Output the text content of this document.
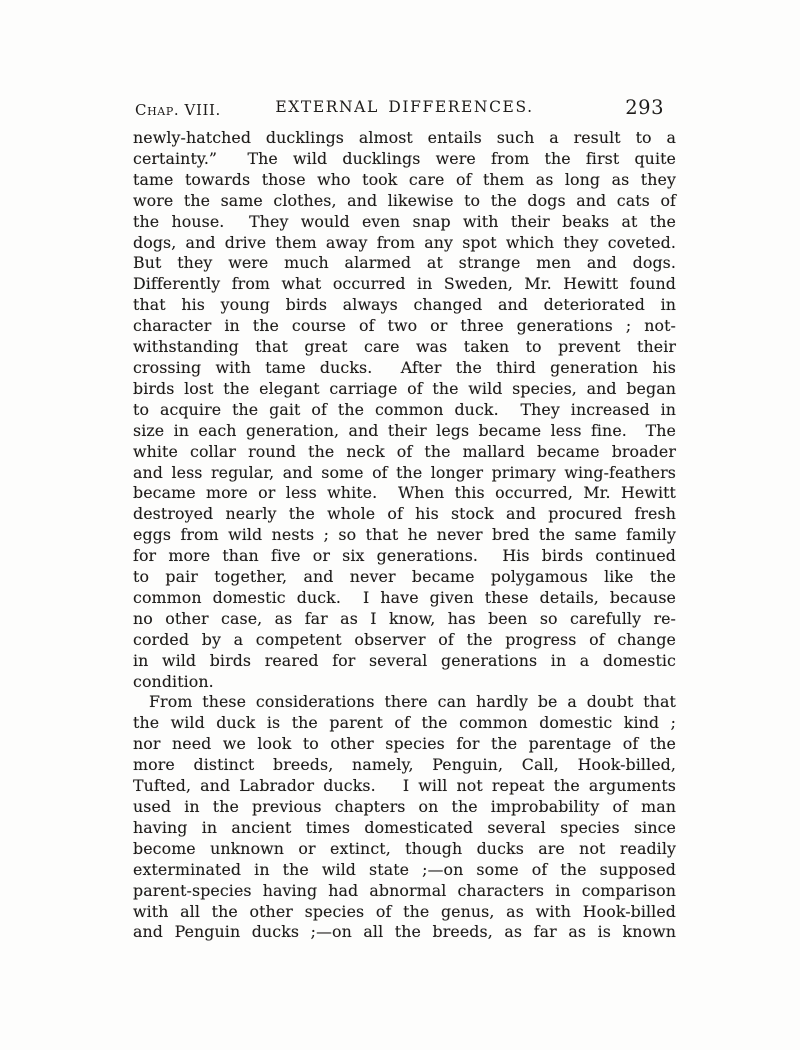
Chap. VIII.	EXTERNAL DIFFERENCES.	293
newly-hatched ducklings almost entails such a result to a
certainty.”  The wild ducklings were from the first quite
tame towards those who took care of them as long as they
wore the same clothes, and likewise to the dogs and cats of
the house.  They would even snap with their beaks at the
dogs, and drive them away from any spot which they coveted.
But they were much alarmed at strange men and dogs.
Differently from what occurred in Sweden, Mr. Hewitt found
that his young birds always changed and deteriorated in
character in the course of two or three generations ; not-
withstanding that great care was taken to prevent their
crossing with tame ducks.  After the third generation his
birds lost the elegant carriage of the wild species, and began
to acquire the gait of the common duck.  They increased in
size in each generation, and their legs became less fine.  The
white collar round the neck of the mallard became broader
and less regular, and some of the longer primary wing-feathers
became more or less white.  When this occurred, Mr. Hewitt
destroyed nearly the whole of his stock and procured fresh
eggs from wild nests ; so that he never bred the same family
for more than five or six generations.  His birds continued
to pair together, and never became polygamous like the
common domestic duck.  I have given these details, because
no other case, as far as I know, has been so carefully re-
corded by a competent observer of the progress of change
in wild birds reared for several generations in a domestic
condition.
From these considerations there can hardly be a doubt that
the wild duck is the parent of the common domestic kind ;
nor need we look to other species for the parentage of the
more distinct breeds, namely, Penguin, Call, Hook-billed,
Tufted, and Labrador ducks.   I will not repeat the arguments
used in the previous chapters on the improbability of man
having in ancient times domesticated several species since
become unknown or extinct, though ducks are not readily
exterminated in the wild state ;—on some of the supposed
parent-species having had abnormal characters in comparison
with all the other species of the genus, as with Hook-billed
and Penguin ducks ;—on all the breeds, as far as is known
